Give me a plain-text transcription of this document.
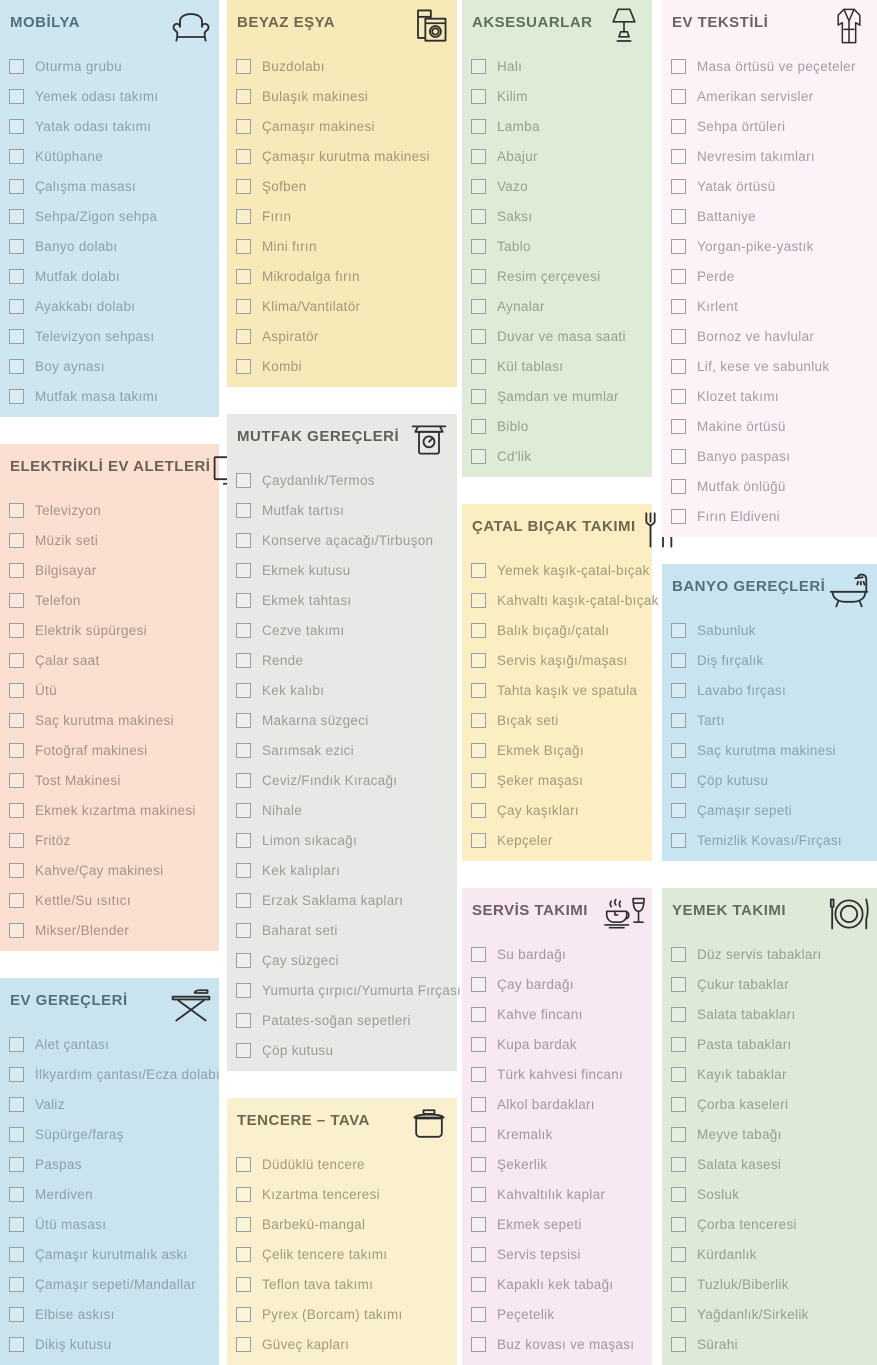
MOBİLYA
Oturma grubu
Yemek odası takımı
Yatak odası takımı
Kütüphane
Çalışma masası
Sehpa/Zigon sehpa
Banyo dolabı
Mutfak dolabı
Ayakkabı dolabı
Televizyon sehpası
Boy aynası
Mutfak masa takımı
ELEKTRİKLİ EV ALETLERİ
Televizyon
Müzik seti
Bilgisayar
Telefon
Elektrik süpürgesi
Çalar saat
Ütü
Saç kurutma makinesi
Fotoğraf makinesi
Tost Makinesi
Ekmek kızartma makinesi
Fritöz
Kahve/Çay makinesi
Kettle/Su ısıtıcı
Mikser/Blender
EV GEREÇLERİ
Alet çantası
İlkyardım çantası/Ecza dolabı
Valiz
Süpürge/faraş
Paspas
Merdiven
Ütü masası
Çamaşır kurutmalık askı
Çamaşır sepeti/Mandallar
Elbise askısı
Dikiş kutusu
BEYAZ EŞYA
Buzdolabı
Bulaşık makinesi
Çamaşır makinesi
Çamaşır kurutma makinesi
Şofben
Fırın
Mini fırın
Mikrodalga fırın
Klima/Vantilatör
Aspiratör
Kombi
MUTFAK GEREÇLERİ
Çaydanlık/Termos
Mutfak tartısı
Konserve açacağı/Tirbuşon
Ekmek kutusu
Ekmek tahtası
Cezve takımı
Rende
Kek kalıbı
Makarna süzgeci
Sarımsak ezici
Ceviz/Fındık Kıracağı
Nihale
Limon sıkacağı
Kek kalıpları
Erzak Saklama kapları
Baharat seti
Çay süzgeci
Yumurta çırpıcı/Yumurta Fırçası
Patates-soğan sepetleri
Çöp kutusu
TENCERE – TAVA
Düdüklü tencere
Kızartma tenceresi
Barbekü-mangal
Çelik tencere takımı
Teflon tava takımı
Pyrex (Borcam) takımı
Güveç kapları
AKSESUARLAR
Halı
Kilim
Lamba
Abajur
Vazo
Saksı
Tablo
Resim çerçevesi
Aynalar
Duvar ve masa saati
Kül tablası
Şamdan ve mumlar
Biblo
Cd'lik
ÇATAL BIÇAK TAKIMI
Yemek kaşık-çatal-bıçak
Kahvaltı kaşık-çatal-bıçak
Balık bıçağı/çatalı
Servis kaşığı/maşası
Tahta kaşık ve spatula
Bıçak seti
Ekmek Bıçağı
Şeker maşası
Çay kaşıkları
Kepçeler
SERVİS TAKIMI
Su bardağı
Çay bardağı
Kahve fincanı
Kupa bardak
Türk kahvesi fincanı
Alkol bardakları
Kremalık
Şekerlik
Kahvaltılık kaplar
Ekmek sepeti
Servis tepsisi
Kapaklı kek tabağı
Peçetelik
Buz kovası ve maşası
EV TEKSTİLİ
Masa örtüsü ve peçeteler
Amerikan servisler
Sehpa örtüleri
Nevresim takımları
Yatak örtüsü
Battaniye
Yorgan-pike-yastık
Perde
Kırlent
Bornoz ve havlular
Lif, kese ve sabunluk
Klozet takımı
Makine örtüsü
Banyo paspası
Mutfak önlüğü
Fırın Eldiveni
BANYO GEREÇLERİ
Sabunluk
Diş fırçalık
Lavabo fırçası
Tartı
Saç kurutma makinesi
Çöp kutusu
Çamaşır sepeti
Temizlik Kovası/Fırçası
YEMEK TAKIMI
Düz servis tabakları
Çukur tabaklar
Salata tabakları
Pasta tabakları
Kayık tabaklar
Çorba kaseleri
Meyve tabağı
Salata kasesi
Sosluk
Çorba tenceresi
Kürdanlık
Tuzluk/Biberlik
Yağdanlık/Sirkelik
Sürahi
